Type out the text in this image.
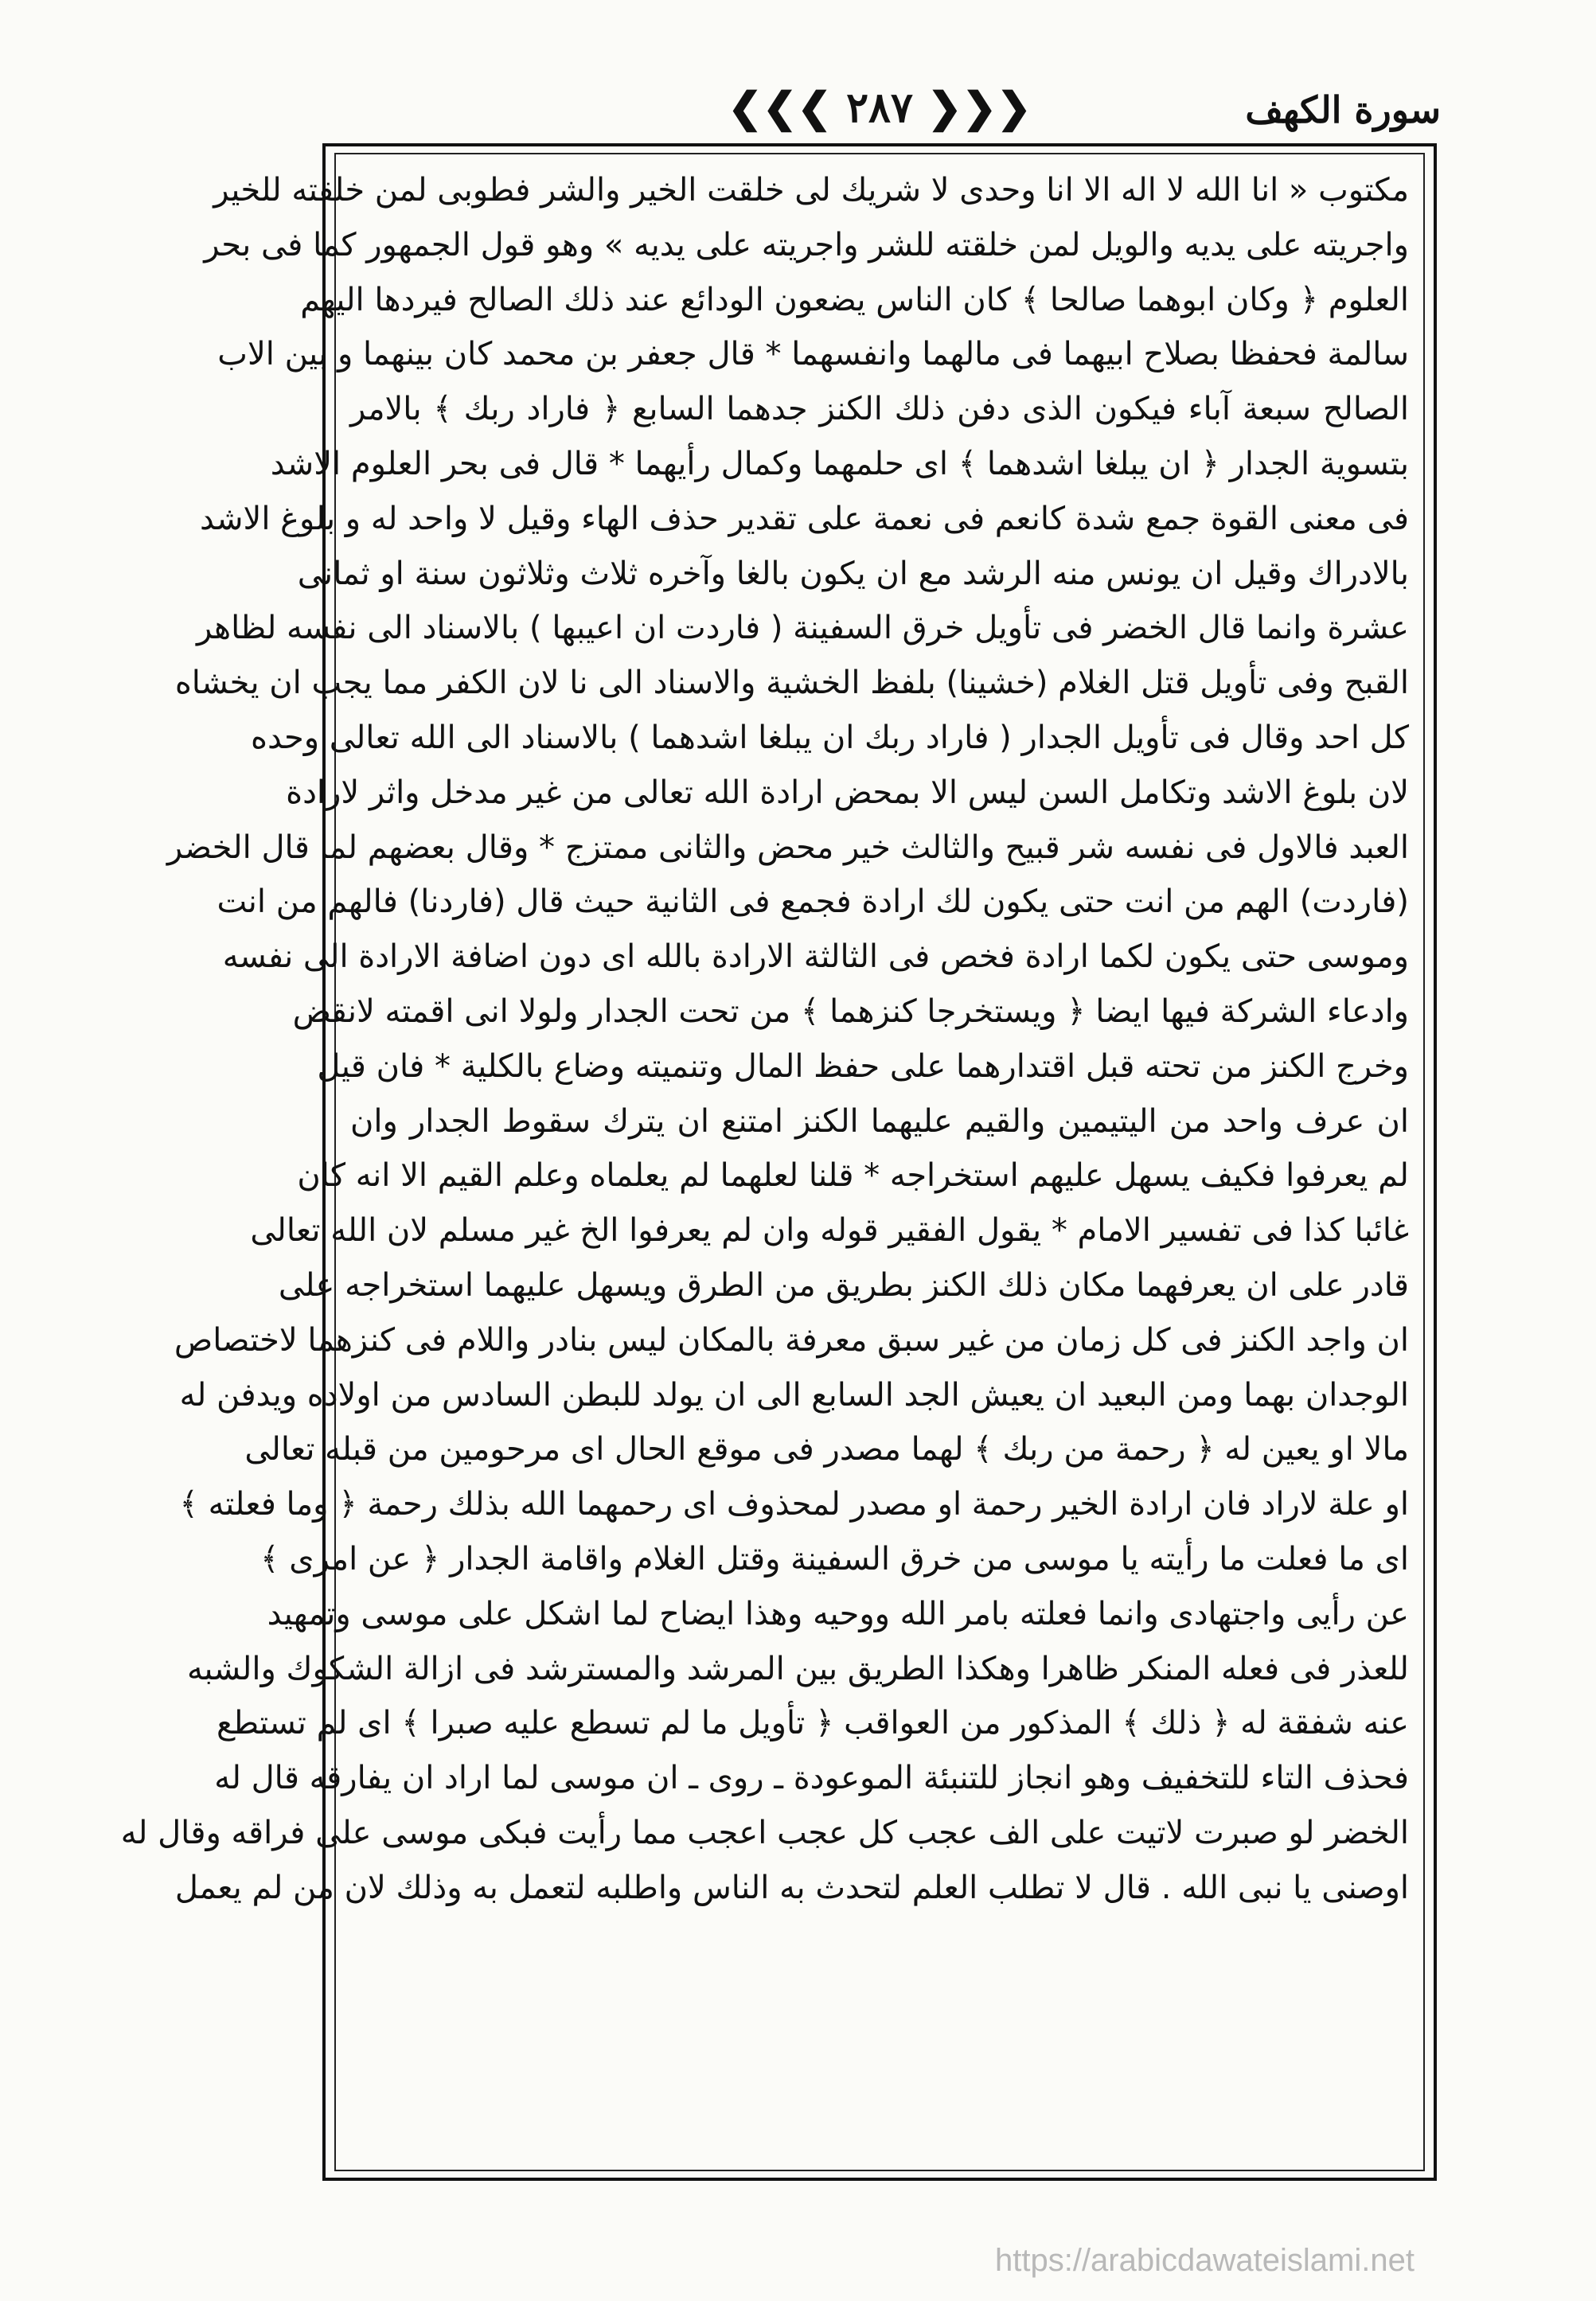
سورة الكهف
❮❮❮ ۲۸۷ ❯❯❯
مكتوب « انا الله لا اله الا انا وحدى لا شريك لى خلقت الخير والشر فطوبى لمن خلقته للخير
واجريته على يديه والويل لمن خلقته للشر واجريته على يديه » وهو قول الجمهور كما فى بحر
العلوم ﴿ وكان ابوهما صالحا ﴾ كان الناس يضعون الودائع عند ذلك الصالح فيردها اليهم
سالمة فحفظا بصلاح ابيهما فى مالهما وانفسهما * قال جعفر بن محمد كان بينهما و بين الاب
الصالح سبعة آباء فيكون الذى دفن ذلك الكنز جدهما السابع ﴿ فاراد ربك ﴾ بالامر
بتسوية الجدار ﴿ ان يبلغا اشدهما ﴾ اى حلمهما وكمال رأيهما * قال فى بحر العلوم الاشد
فى معنى القوة جمع شدة كانعم فى نعمة على تقدير حذف الهاء وقيل لا واحد له و بلوغ الاشد
بالادراك وقيل ان يونس منه الرشد مع ان يكون بالغا وآخره ثلاث وثلاثون سنة او ثمانى
عشرة وانما قال الخضر فى تأويل خرق السفينة ( فاردت ان اعيبها ) بالاسناد الى نفسه لظاهر
القبح وفى تأويل قتل الغلام (خشينا) بلفظ الخشية والاسناد الى نا لان الكفر مما يجب ان يخشاه
كل احد وقال فى تأويل الجدار ( فاراد ربك ان يبلغا اشدهما ) بالاسناد الى الله تعالى وحده
لان بلوغ الاشد وتكامل السن ليس الا بمحض ارادة الله تعالى من غير مدخل واثر لارادة
العبد فالاول فى نفسه شر قبيح والثالث خير محض والثانى ممتزج * وقال بعضهم لما قال الخضر
(فاردت) الهم من انت حتى يكون لك ارادة فجمع فى الثانية حيث قال (فاردنا) فالهم من انت
وموسى حتى يكون لكما ارادة فخص فى الثالثة الارادة بالله اى دون اضافة الارادة الى نفسه
وادعاء الشركة فيها ايضا ﴿ ويستخرجا كنزهما ﴾ من تحت الجدار ولولا انى اقمته لانقض
وخرج الكنز من تحته قبل اقتدارهما على حفظ المال وتنميته وضاع بالكلية * فان قيل
ان عرف واحد من اليتيمين والقيم عليهما الكنز امتنع ان يترك سقوط الجدار وان
لم يعرفوا فكيف يسهل عليهم استخراجه * قلنا لعلهما لم يعلماه وعلم القيم الا انه كان
غائبا كذا فى تفسير الامام * يقول الفقير قوله وان لم يعرفوا الخ غير مسلم لان الله تعالى
قادر على ان يعرفهما مكان ذلك الكنز بطريق من الطرق ويسهل عليهما استخراجه على
ان واجد الكنز فى كل زمان من غير سبق معرفة بالمكان ليس بنادر واللام فى كنزهما لاختصاص
الوجدان بهما ومن البعيد ان يعيش الجد السابع الى ان يولد للبطن السادس من اولاده ويدفن له
مالا او يعين له ﴿ رحمة من ربك ﴾ لهما مصدر فى موقع الحال اى مرحومين من قبله تعالى
او علة لاراد فان ارادة الخير رحمة او مصدر لمحذوف اى رحمهما الله بذلك رحمة ﴿ وما فعلته ﴾
اى ما فعلت ما رأيته يا موسى من خرق السفينة وقتل الغلام واقامة الجدار ﴿ عن امرى ﴾
عن رأيى واجتهادى وانما فعلته بامر الله ووحيه وهذا ايضاح لما اشكل على موسى وتمهيد
للعذر فى فعله المنكر ظاهرا وهكذا الطريق بين المرشد والمسترشد فى ازالة الشكوك والشبه
عنه شفقة له ﴿ ذلك ﴾ المذكور من العواقب ﴿ تأويل ما لم تسطع عليه صبرا ﴾ اى لم تستطع
فحذف التاء للتخفيف وهو انجاز للتنبئة الموعودة ـ روى ـ ان موسى لما اراد ان يفارقه قال له
الخضر لو صبرت لاتيت على الف عجب كل عجب اعجب مما رأيت فبكى موسى على فراقه وقال له
اوصنى يا نبى الله . قال لا تطلب العلم لتحدث به الناس واطلبه لتعمل به وذلك لان من لم يعمل
https://arabicdawateislami.net
